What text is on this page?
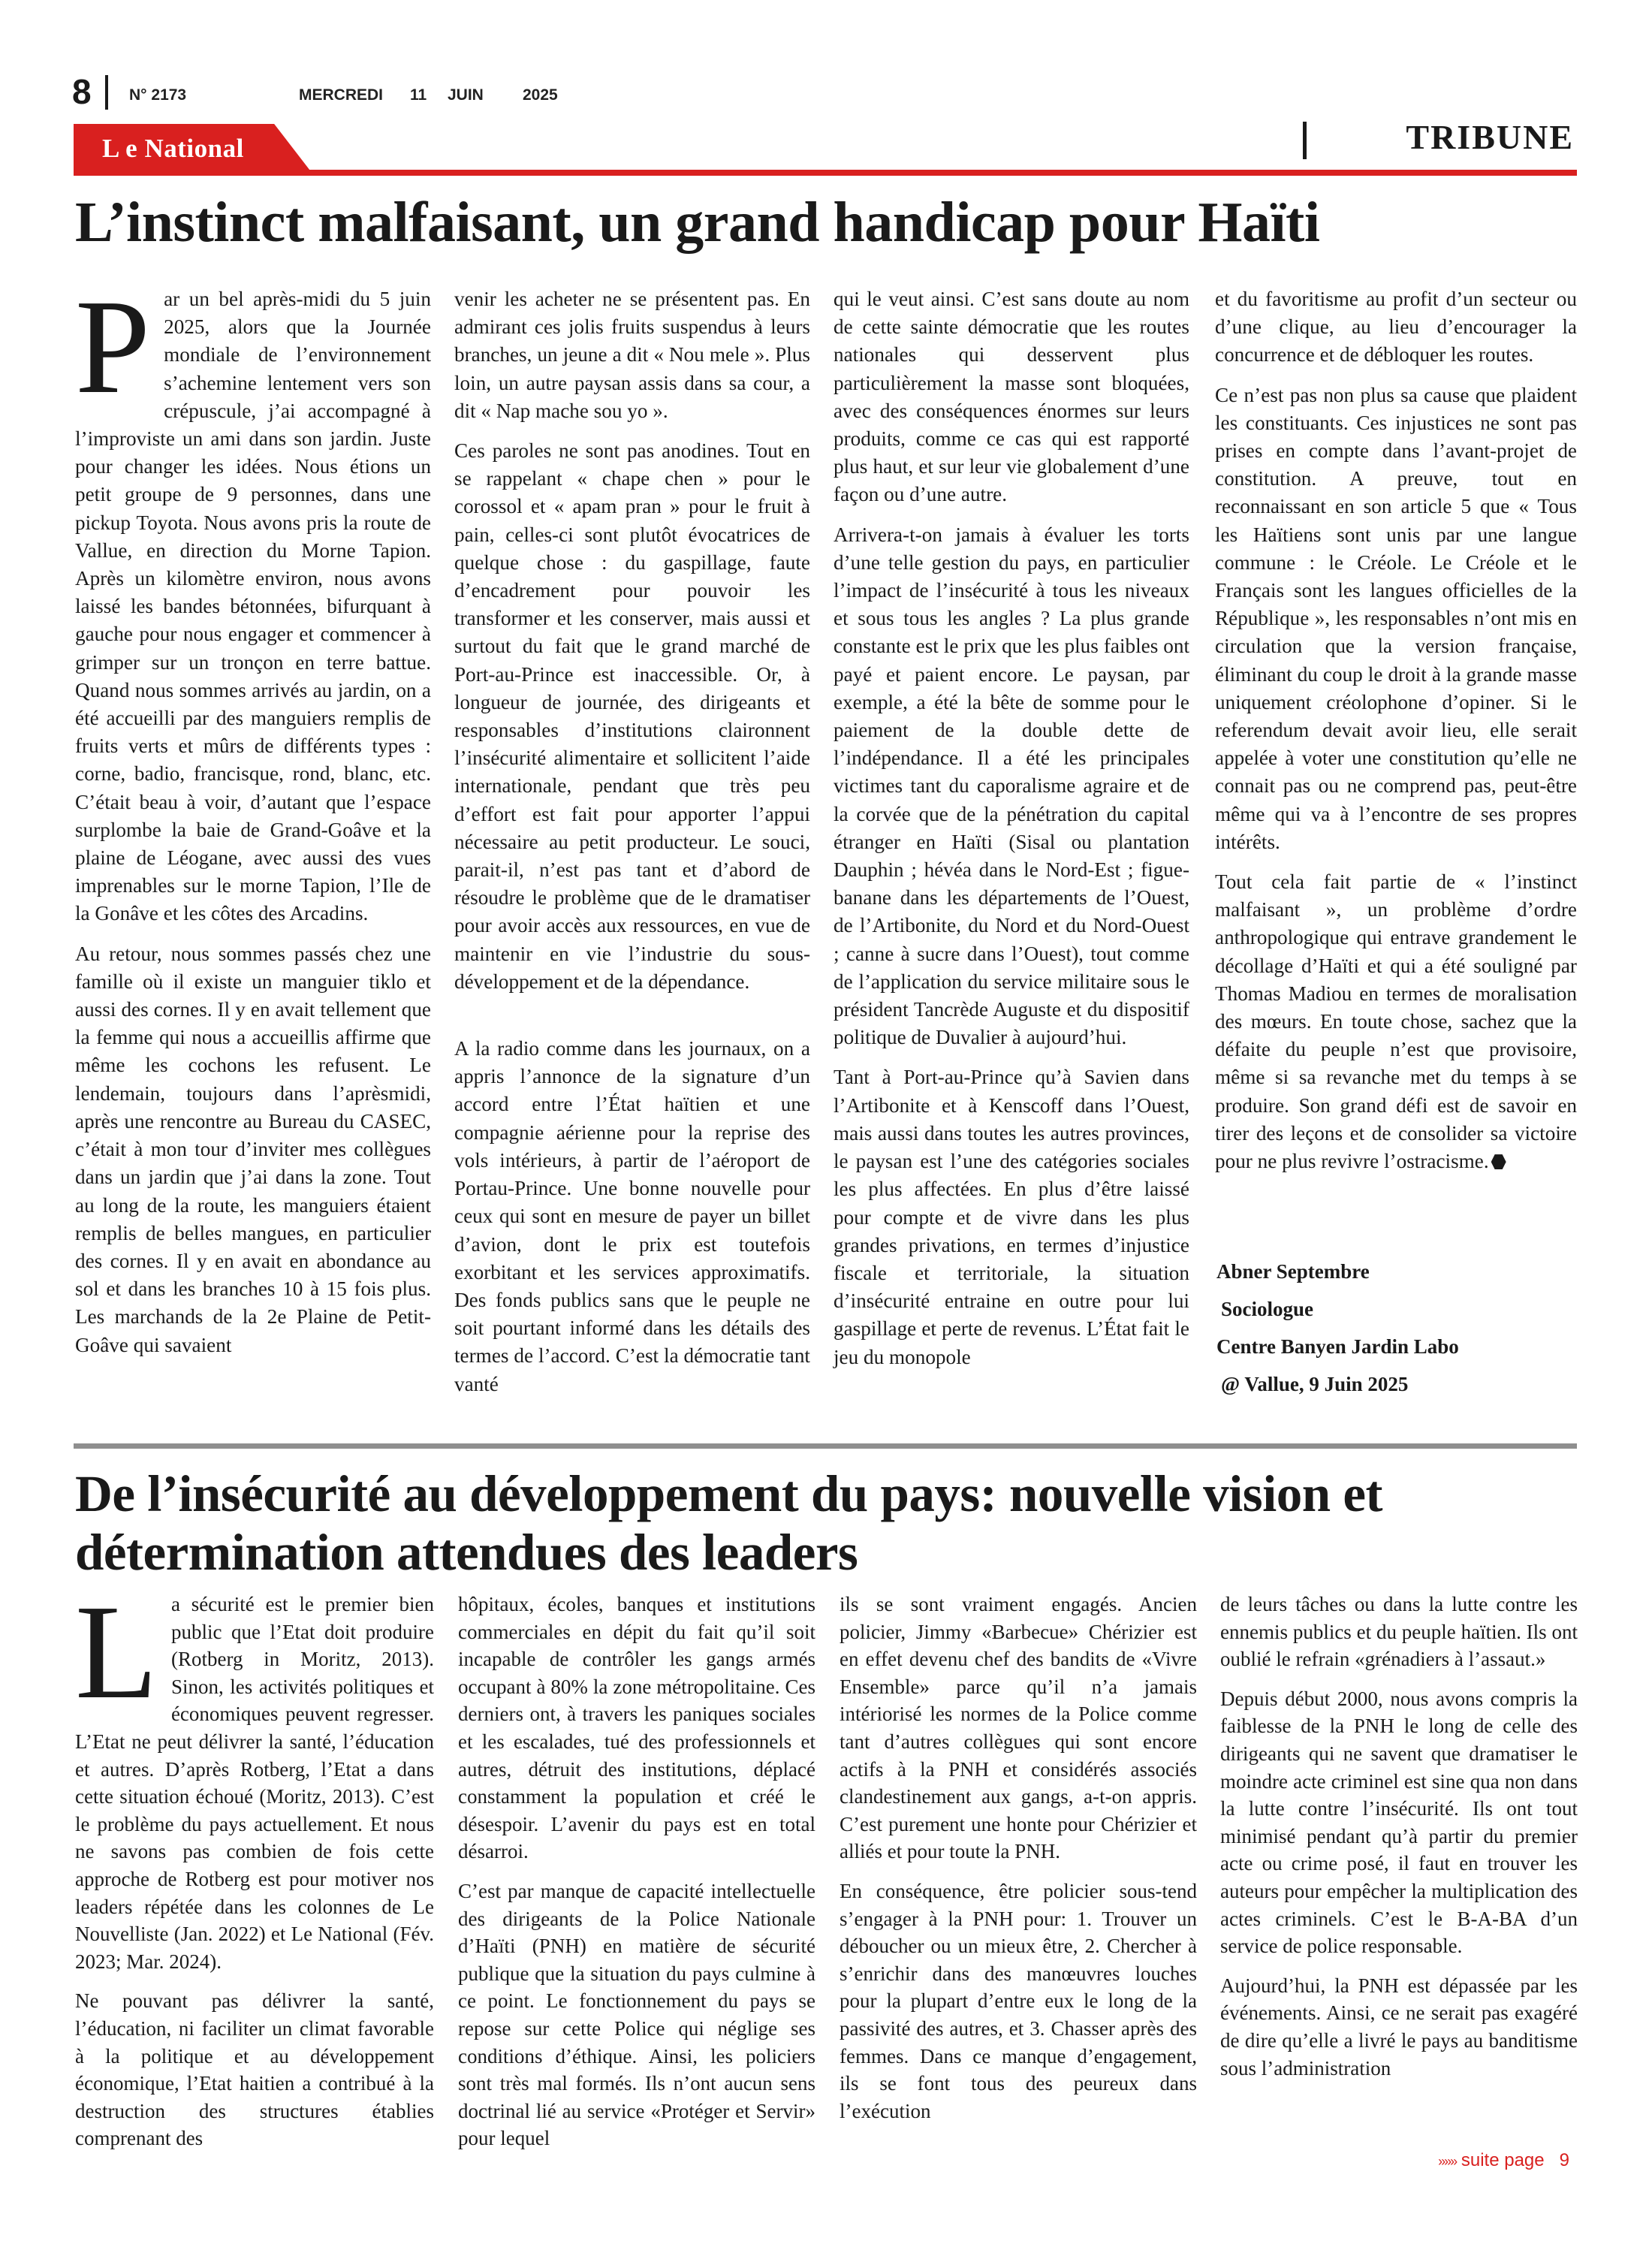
8 N° 2173	MERCREDI 11 JUIN 2025
L e National	TRIBUNE
L’instinct malfaisant, un grand handicap pour Haïti

Par un bel après-midi du 5 juin 2025, alors que la Journée mondiale de l’environnement s’achemine lentement vers son crépuscule, j’ai accompagné à l’improviste un ami dans son jardin. Juste pour changer les idées. Nous étions un petit groupe de 9 personnes, dans une pickup Toyota. Nous avons pris la route de Vallue, en direction du Morne Tapion. Après un kilomètre environ, nous avons laissé les bandes bétonnées, bifurquant à gauche pour nous engager et commencer à grimper sur un tronçon en terre battue. Quand nous sommes arrivés au jardin, on a été accueilli par des manguiers remplis de fruits verts et mûrs de différents types : corne, badio, francisque, rond, blanc, etc. C’était beau à voir, d’autant que l’espace surplombe la baie de Grand-Goâve et la plaine de Léogane, avec aussi des vues imprenables sur le morne Tapion, l’Ile de la Gonâve et les côtes des Arcadins.

Au retour, nous sommes passés chez une famille où il existe un manguier tiklo et aussi des cornes. Il y en avait tellement que la femme qui nous a accueillis affirme que même les cochons les refusent. Le lendemain, toujours dans l’aprèsmidi, après une rencontre au Bureau du CASEC, c’était à mon tour d’inviter mes collègues dans un jardin que j’ai dans la zone. Tout au long de la route, les manguiers étaient remplis de belles mangues, en particulier des cornes. Il y en avait en abondance au sol et dans les branches 10 à 15 fois plus. Les marchands de la 2e Plaine de Petit-Goâve qui savaient

venir les acheter ne se présentent pas. En admirant ces jolis fruits suspendus à leurs branches, un jeune a dit « Nou mele ». Plus loin, un autre paysan assis dans sa cour, a dit « Nap mache sou yo ».

Ces paroles ne sont pas anodines. Tout en se rappelant « chape chen » pour le corossol et « apam pran » pour le fruit à pain, celles-ci sont plutôt évocatrices de quelque chose : du gaspillage, faute d’encadrement pour pouvoir les transformer et les conserver, mais aussi et surtout du fait que le grand marché de Port-au-Prince est inaccessible. Or, à longueur de journée, des dirigeants et responsables d’institutions claironnent l’insécurité alimentaire et sollicitent l’aide internationale, pendant que très peu d’effort est fait pour apporter l’appui nécessaire au petit producteur. Le souci, parait-il, n’est pas tant et d’abord de résoudre le problème que de le dramatiser pour avoir accès aux ressources, en vue de maintenir en vie l’industrie du sous-développement et de la dépendance.

A la radio comme dans les journaux, on a appris l’annonce de la signature d’un accord entre l’État haïtien et une compagnie aérienne pour la reprise des vols intérieurs, à partir de l’aéroport de Portau-Prince. Une bonne nouvelle pour ceux qui sont en mesure de payer un billet d’avion, dont le prix est toutefois exorbitant et les services approximatifs. Des fonds publics sans que le peuple ne soit pourtant informé dans les détails des termes de l’accord. C’est la démocratie tant vanté

qui le veut ainsi. C’est sans doute au nom de cette sainte démocratie que les routes nationales qui desservent plus particulièrement la masse sont bloquées, avec des conséquences énormes sur leurs produits, comme ce cas qui est rapporté plus haut, et sur leur vie globalement d’une façon ou d’une autre.

Arrivera-t-on jamais à évaluer les torts d’une telle gestion du pays, en particulier l’impact de l’insécurité à tous les niveaux et sous tous les angles ? La plus grande constante est le prix que les plus faibles ont payé et paient encore. Le paysan, par exemple, a été la bête de somme pour le paiement de la double dette de l’indépendance. Il a été les principales victimes tant du caporalisme agraire et de la corvée que de la pénétration du capital étranger en Haïti (Sisal ou plantation Dauphin ; hévéa dans le Nord-Est ; figue-banane dans les départements de l’Ouest, de l’Artibonite, du Nord et du Nord-Ouest ; canne à sucre dans l’Ouest), tout comme de l’application du service militaire sous le président Tancrède Auguste et du dispositif politique de Duvalier à aujourd’hui.

Tant à Port-au-Prince qu’à Savien dans l’Artibonite et à Kenscoff dans l’Ouest, mais aussi dans toutes les autres provinces, le paysan est l’une des catégories sociales les plus affectées. En plus d’être laissé pour compte et de vivre dans les plus grandes privations, en termes d’injustice fiscale et territoriale, la situation d’insécurité entraine en outre pour lui gaspillage et perte de revenus. L’État fait le jeu du monopole

et du favoritisme au profit d’un secteur ou d’une clique, au lieu d’encourager la concurrence et de débloquer les routes.

Ce n’est pas non plus sa cause que plaident les constituants. Ces injustices ne sont pas prises en compte dans l’avant-projet de constitution. A preuve, tout en reconnaissant en son article 5 que « Tous les Haïtiens sont unis par une langue commune : le Créole. Le Créole et le Français sont les langues officielles de la République », les responsables n’ont mis en circulation que la version française, éliminant du coup le droit à la grande masse uniquement créolophone d’opiner. Si le referendum devait avoir lieu, elle serait appelée à voter une constitution qu’elle ne connait pas ou ne comprend pas, peut-être même qui va à l’encontre de ses propres intérêts.

Tout cela fait partie de « l’instinct malfaisant », un problème d’ordre anthropologique qui entrave grandement le décollage d’Haïti et qui a été souligné par Thomas Madiou en termes de moralisation des mœurs. En toute chose, sachez que la défaite du peuple n’est que provisoire, même si sa revanche met du temps à se produire. Son grand défi est de savoir en tirer des leçons et de consolider sa victoire pour ne plus revivre l’ostracisme.

Abner Septembre
Sociologue
Centre Banyen Jardin Labo
@ Vallue, 9 Juin 2025
De l’insécurité au développement du pays: nouvelle vision et détermination attendues des leaders

La sécurité est le premier bien public que l’Etat doit produire (Rotberg in Moritz, 2013). Sinon, les activités politiques et économiques peuvent regresser. L’Etat ne peut délivrer la santé, l’éducation et autres. D’après Rotberg, l’Etat a dans cette situation échoué (Moritz, 2013). C’est le problème du pays actuellement. Et nous ne savons pas combien de fois cette approche de Rotberg est pour motiver nos leaders répétée dans les colonnes de Le Nouvelliste (Jan. 2022) et Le National (Fév. 2023; Mar. 2024).

Ne pouvant pas délivrer la santé, l’éducation, ni faciliter un climat favorable à la politique et au développement économique, l’Etat haitien a contribué à la destruction des structures établies comprenant des

hôpitaux, écoles, banques et institutions commerciales en dépit du fait qu’il soit incapable de contrôler les gangs armés occupant à 80% la zone métropolitaine. Ces derniers ont, à travers les paniques sociales et les escalades, tué des professionnels et autres, détruit des institutions, déplacé constamment la population et créé le désespoir. L’avenir du pays est en total désarroi.

C’est par manque de capacité intellectuelle des dirigeants de la Police Nationale d’Haïti (PNH) en matière de sécurité publique que la situation du pays culmine à ce point. Le fonctionnement du pays se repose sur cette Police qui néglige ses conditions d’éthique. Ainsi, les policiers sont très mal formés. Ils n’ont aucun sens doctrinal lié au service «Protéger et Servir» pour lequel

ils se sont vraiment engagés. Ancien policier, Jimmy «Barbecue» Chérizier est en effet devenu chef des bandits de «Vivre Ensemble» parce qu’il n’a jamais intériorisé les normes de la Police comme tant d’autres collègues qui sont encore actifs à la PNH et considérés associés clandestinement aux gangs, a-t-on appris. C’est purement une honte pour Chérizier et alliés et pour toute la PNH.

En conséquence, être policier sous-tend s’engager à la PNH pour: 1. Trouver un déboucher ou un mieux être, 2. Chercher à s’enrichir dans des manœuvres louches pour la plupart d’entre eux le long de la passivité des autres, et 3. Chasser après des femmes. Dans ce manque d’engagement, ils se font tous des peureux dans l’exécution

de leurs tâches ou dans la lutte contre les ennemis publics et du peuple haïtien. Ils ont oublié le refrain «grénadiers à l’assaut.»

Depuis début 2000, nous avons compris la faiblesse de la PNH le long de celle des dirigeants qui ne savent que dramatiser le moindre acte criminel est sine qua non dans la lutte contre l’insécurité. Ils ont tout minimisé pendant qu’à partir du premier acte ou crime posé, il faut en trouver les auteurs pour empêcher la multiplication des actes criminels. C’est le B-A-BA d’un service de police responsable.

Aujourd’hui, la PNH est dépassée par les événements. Ainsi, ce ne serait pas exagéré de dire qu’elle a livré le pays au banditisme sous l’administration

»»» suite page 9
